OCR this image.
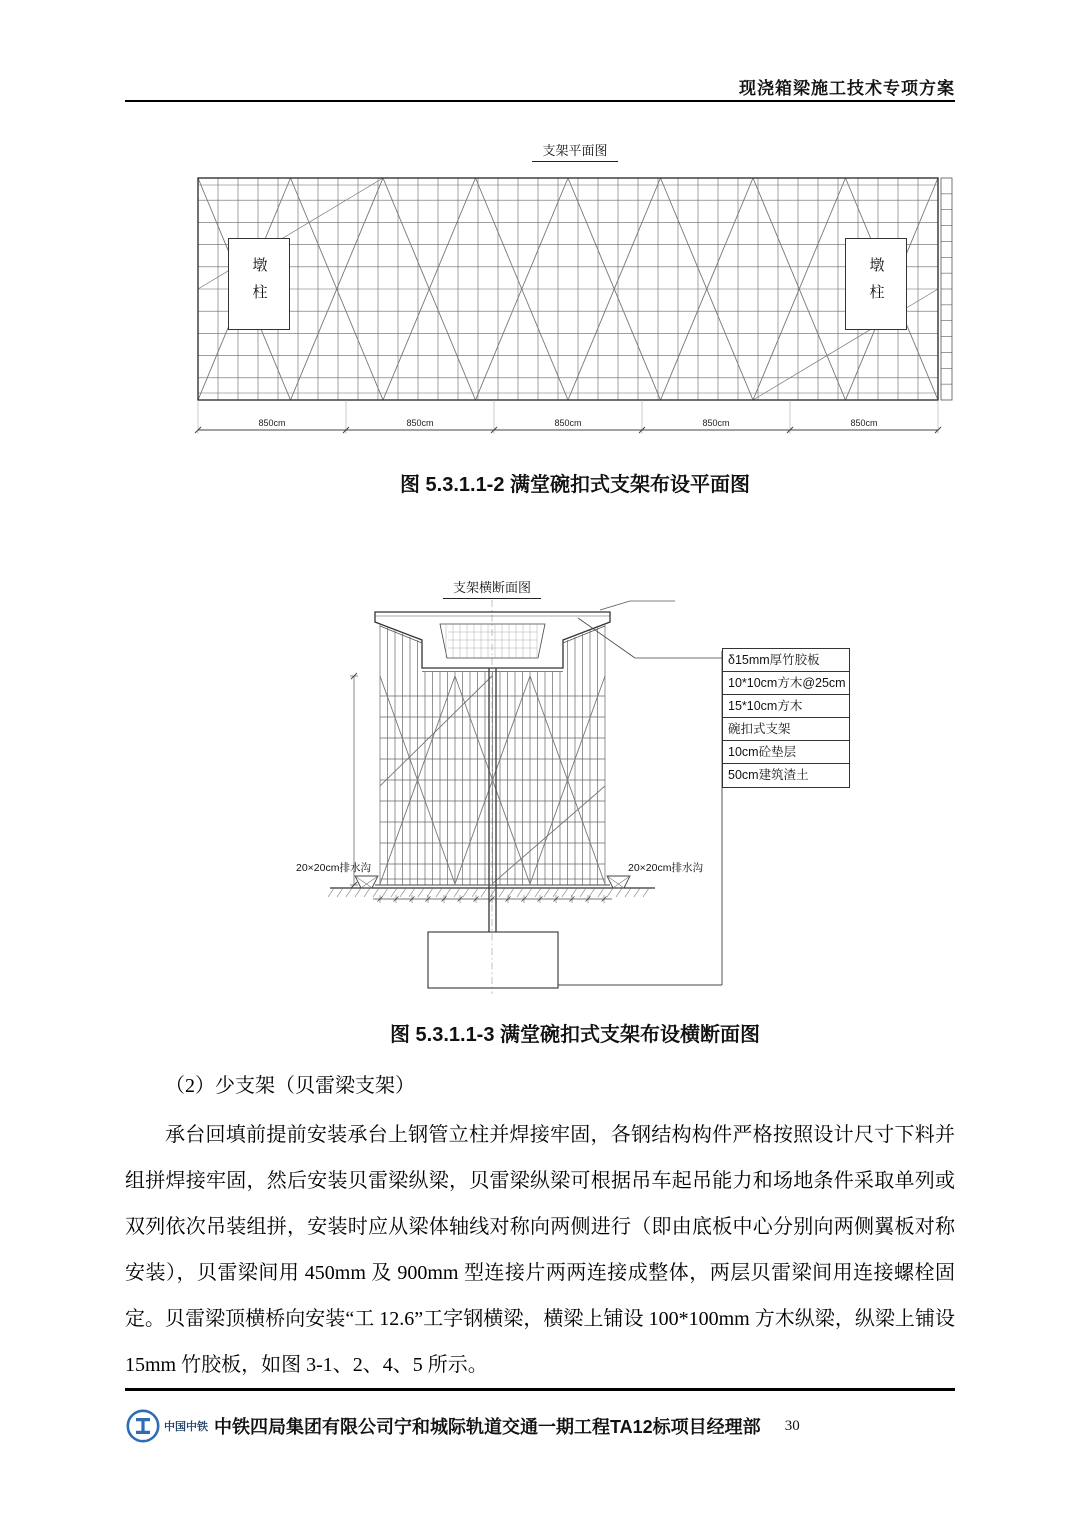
现浇箱梁施工技术专项方案
支架平面图
850cm	850cm	850cm	850cm	850cm
墩柱	墩柱
图 5.3.1.1-2 满堂碗扣式支架布设平面图
支架横断面图
δ15mm厚竹胶板
10*10cm方木@25cm
15*10cm方木
碗扣式支架
10cm砼垫层
50cm建筑渣土
20×20cm排水沟	20×20cm排水沟
图 5.3.1.1-3 满堂碗扣式支架布设横断面图

（2）少支架（贝雷梁支架）

承台回填前提前安装承台上钢管立柱并焊接牢固，各钢结构构件严格按照设计尺寸下料并组拼焊接牢固，然后安装贝雷梁纵梁，贝雷梁纵梁可根据吊车起吊能力和场地条件采取单列或双列依次吊装组拼，安装时应从梁体轴线对称向两侧进行（即由底板中心分别向两侧翼板对称安装），贝雷梁间用 450mm 及 900mm 型连接片两两连接成整体，两层贝雷梁间用连接螺栓固定。贝雷梁顶横桥向安装“工 12.6”工字钢横梁，横梁上铺设 100*100mm 方木纵梁，纵梁上铺设 15mm 竹胶板，如图 3-1、2、4、5 所示。

中国中铁 中铁四局集团有限公司宁和城际轨道交通一期工程TA12标项目经理部 30
